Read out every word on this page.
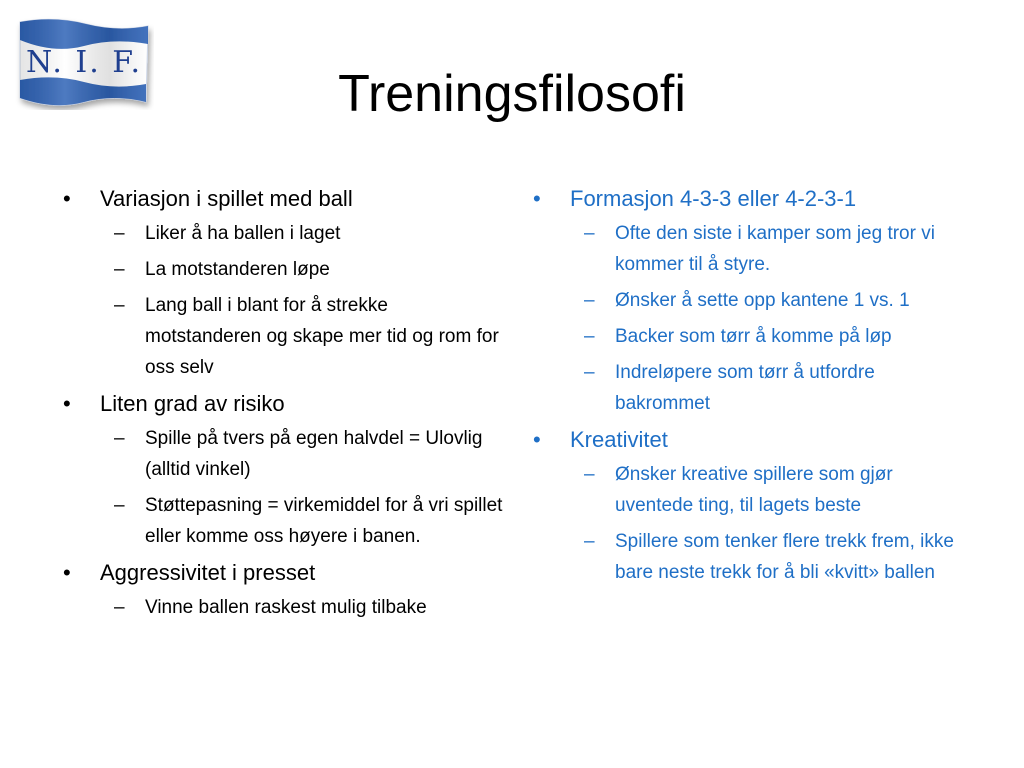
N. I. F.
Treningsfilosofi
• Variasjon i spillet med ball
– Liker å ha ballen i laget
– La motstanderen løpe
– Lang ball i blant for å strekke motstanderen og skape mer tid og rom for oss selv
• Liten grad av risiko
– Spille på tvers på egen halvdel = Ulovlig (alltid vinkel)
– Støttepasning = virkemiddel for å vri spillet eller komme oss høyere i banen.
• Aggressivitet i presset
– Vinne ballen raskest mulig tilbake
• Formasjon 4-3-3 eller 4-2-3-1
– Ofte den siste i kamper som jeg tror vi kommer til å styre.
– Ønsker å sette opp kantene 1 vs. 1
– Backer som tørr å komme på løp
– Indreløpere som tørr å utfordre bakrommet
• Kreativitet
– Ønsker kreative spillere som gjør uventede ting, til lagets beste
– Spillere som tenker flere trekk frem, ikke bare neste trekk for å bli «kvitt» ballen
